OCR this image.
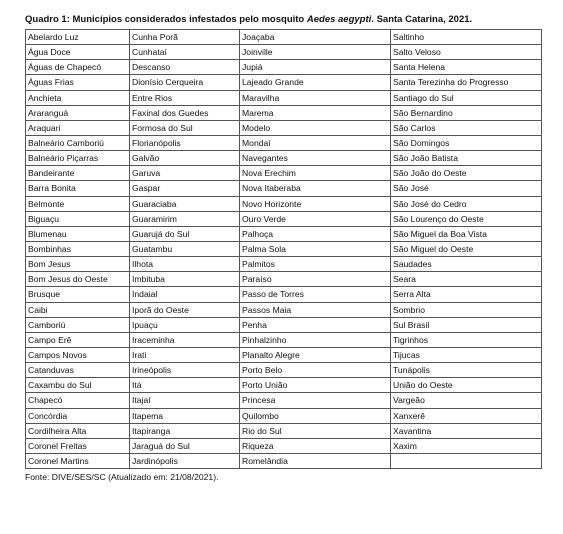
Quadro 1: Municípios considerados infestados pelo mosquito Aedes aegypti. Santa Catarina, 2021.
Abelardo Luz	Cunha Porã	Joaçaba	Saltinho
Água Doce	Cunhataí	Joinville	Salto Veloso
Águas de Chapecó	Descanso	Jupiá	Santa Helena
Águas Frias	Dionísio Cerqueira	Lajeado Grande	Santa Terezinha do Progresso
Anchieta	Entre Rios	Maravilha	Santiago do Sul
Araranguá	Faxinal dos Guedes	Marema	São Bernardino
Araquari	Formosa do Sul	Modelo	São Carlos
Balneário Camboriú	Florianópolis	Mondaí	São Domingos
Balneário Piçarras	Galvão	Navegantes	São João Batista
Bandeirante	Garuva	Nova Erechim	São João do Oeste
Barra Bonita	Gaspar	Nova Itaberaba	São José
Belmonte	Guaraciaba	Novo Horizonte	São José do Cedro
Biguaçu	Guaramirim	Ouro Verde	São Lourenço do Oeste
Blumenau	Guarujá do Sul	Palhoça	São Miguel da Boa Vista
Bombinhas	Guatambu	Palma Sola	São Miguel do Oeste
Bom Jesus	Ilhota	Palmitos	Saudades
Bom Jesus do Oeste	Imbituba	Paraíso	Seara
Brusque	Indaial	Passo de Torres	Serra Alta
Caibi	Iporã do Oeste	Passos Maia	Sombrio
Camboriú	Ipuaçu	Penha	Sul Brasil
Campo Erê	Iraceminha	Pinhalzinho	Tigrinhos
Campos Novos	Irati	Planalto Alegre	Tijucas
Catanduvas	Irineópolis	Porto Belo	Tunápolis
Caxambu do Sul	Itá	Porto União	União do Oeste
Chapecó	Itajaí	Princesa	Vargeão
Concórdia	Itapema	Quilombo	Xanxerê
Cordilheira Alta	Itapiranga	Rio do Sul	Xavantina
Coronel Freitas	Jaraguá do Sul	Riqueza	Xaxim
Coronel Martins	Jardinópolis	Romelândia	
Fonte: DIVE/SES/SC (Atualizado em: 21/08/2021).
